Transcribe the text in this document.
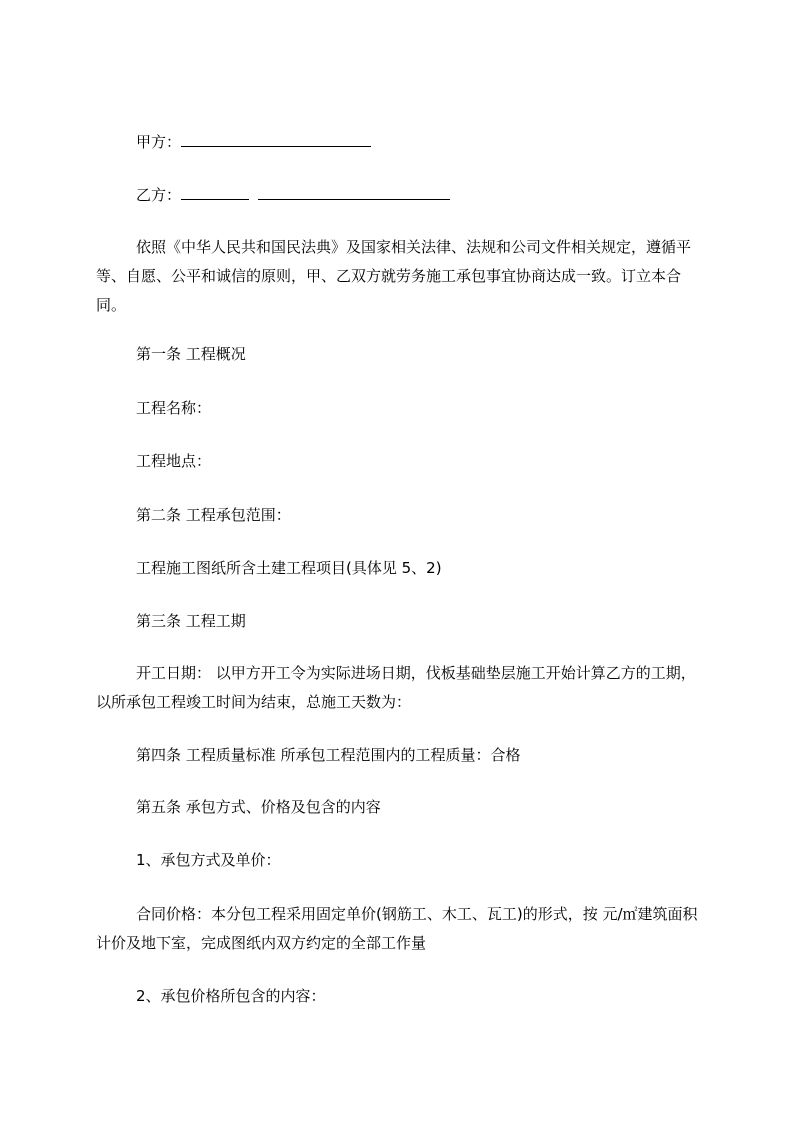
甲方：
乙方：
依照《中华人民共和国民法典》及国家相关法律、法规和公司文件相关规定，遵循平等、自愿、公平和诚信的原则，甲、乙双方就劳务施工承包事宜协商达成一致。订立本合同。
第一条 工程概况
工程名称：
工程地点：
第二条 工程承包范围：
工程施工图纸所含土建工程项目(具体见 5、2)
第三条 工程工期
开工日期： 以甲方开工令为实际进场日期，伐板基础垫层施工开始计算乙方的工期，以所承包工程竣工时间为结束，总施工天数为：
第四条 工程质量标准 所承包工程范围内的工程质量：合格
第五条 承包方式、价格及包含的内容
1、承包方式及单价：
合同价格：本分包工程采用固定单价(钢筋工、木工、瓦工)的形式，按 元/㎡建筑面积计价及地下室，完成图纸内双方约定的全部工作量
2、承包价格所包含的内容：
